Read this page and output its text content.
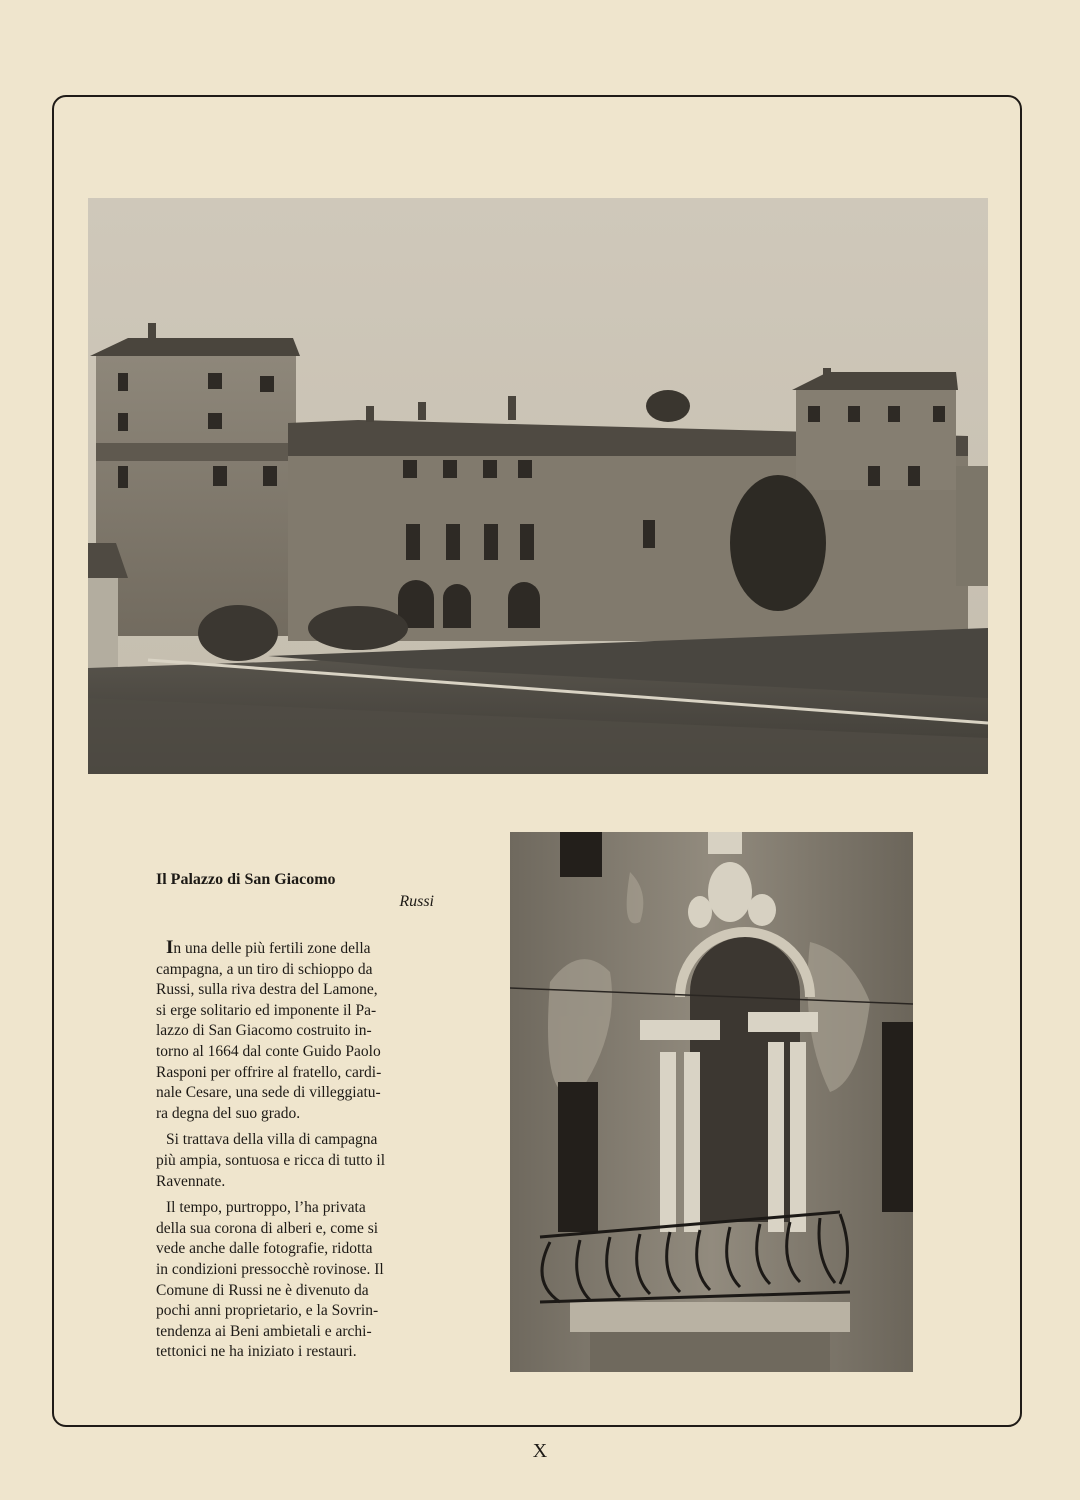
Il Palazzo di San Giacomo

Russi

In una delle più fertili zone della
campagna, a un tiro di schioppo da
Russi, sulla riva destra del Lamone,
si erge solitario ed imponente il Pa-
lazzo di San Giacomo costruito in-
torno al 1664 dal conte Guido Paolo
Rasponi per offrire al fratello, cardi-
nale Cesare, una sede di villeggiatu-
ra degna del suo grado.
Si trattava della villa di campagna
più ampia, sontuosa e ricca di tutto il
Ravennate.
Il tempo, purtroppo, l’ha privata
della sua corona di alberi e, come si
vede anche dalle fotografie, ridotta
in condizioni pressocchè rovinose. Il
Comune di Russi ne è divenuto da
pochi anni proprietario, e la Sovrin-
tendenza ai Beni ambietali e archi-
tettonici ne ha iniziato i restauri.
X
